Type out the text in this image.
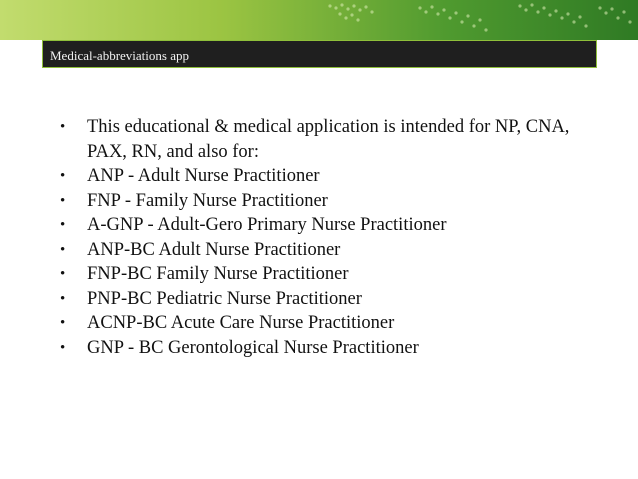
Medical-abbreviations app
•	This educational & medical application is intended for NP, CNA, PAX, RN, and also for:
•	ANP - Adult Nurse Practitioner
•	FNP - Family Nurse Practitioner
•	A-GNP - Adult-Gero Primary Nurse Practitioner
•	ANP-BC Adult Nurse Practitioner
•	FNP-BC Family Nurse Practitioner
•	PNP-BC Pediatric Nurse Practitioner
•	ACNP-BC Acute Care Nurse Practitioner
•	GNP - BC Gerontological Nurse Practitioner
